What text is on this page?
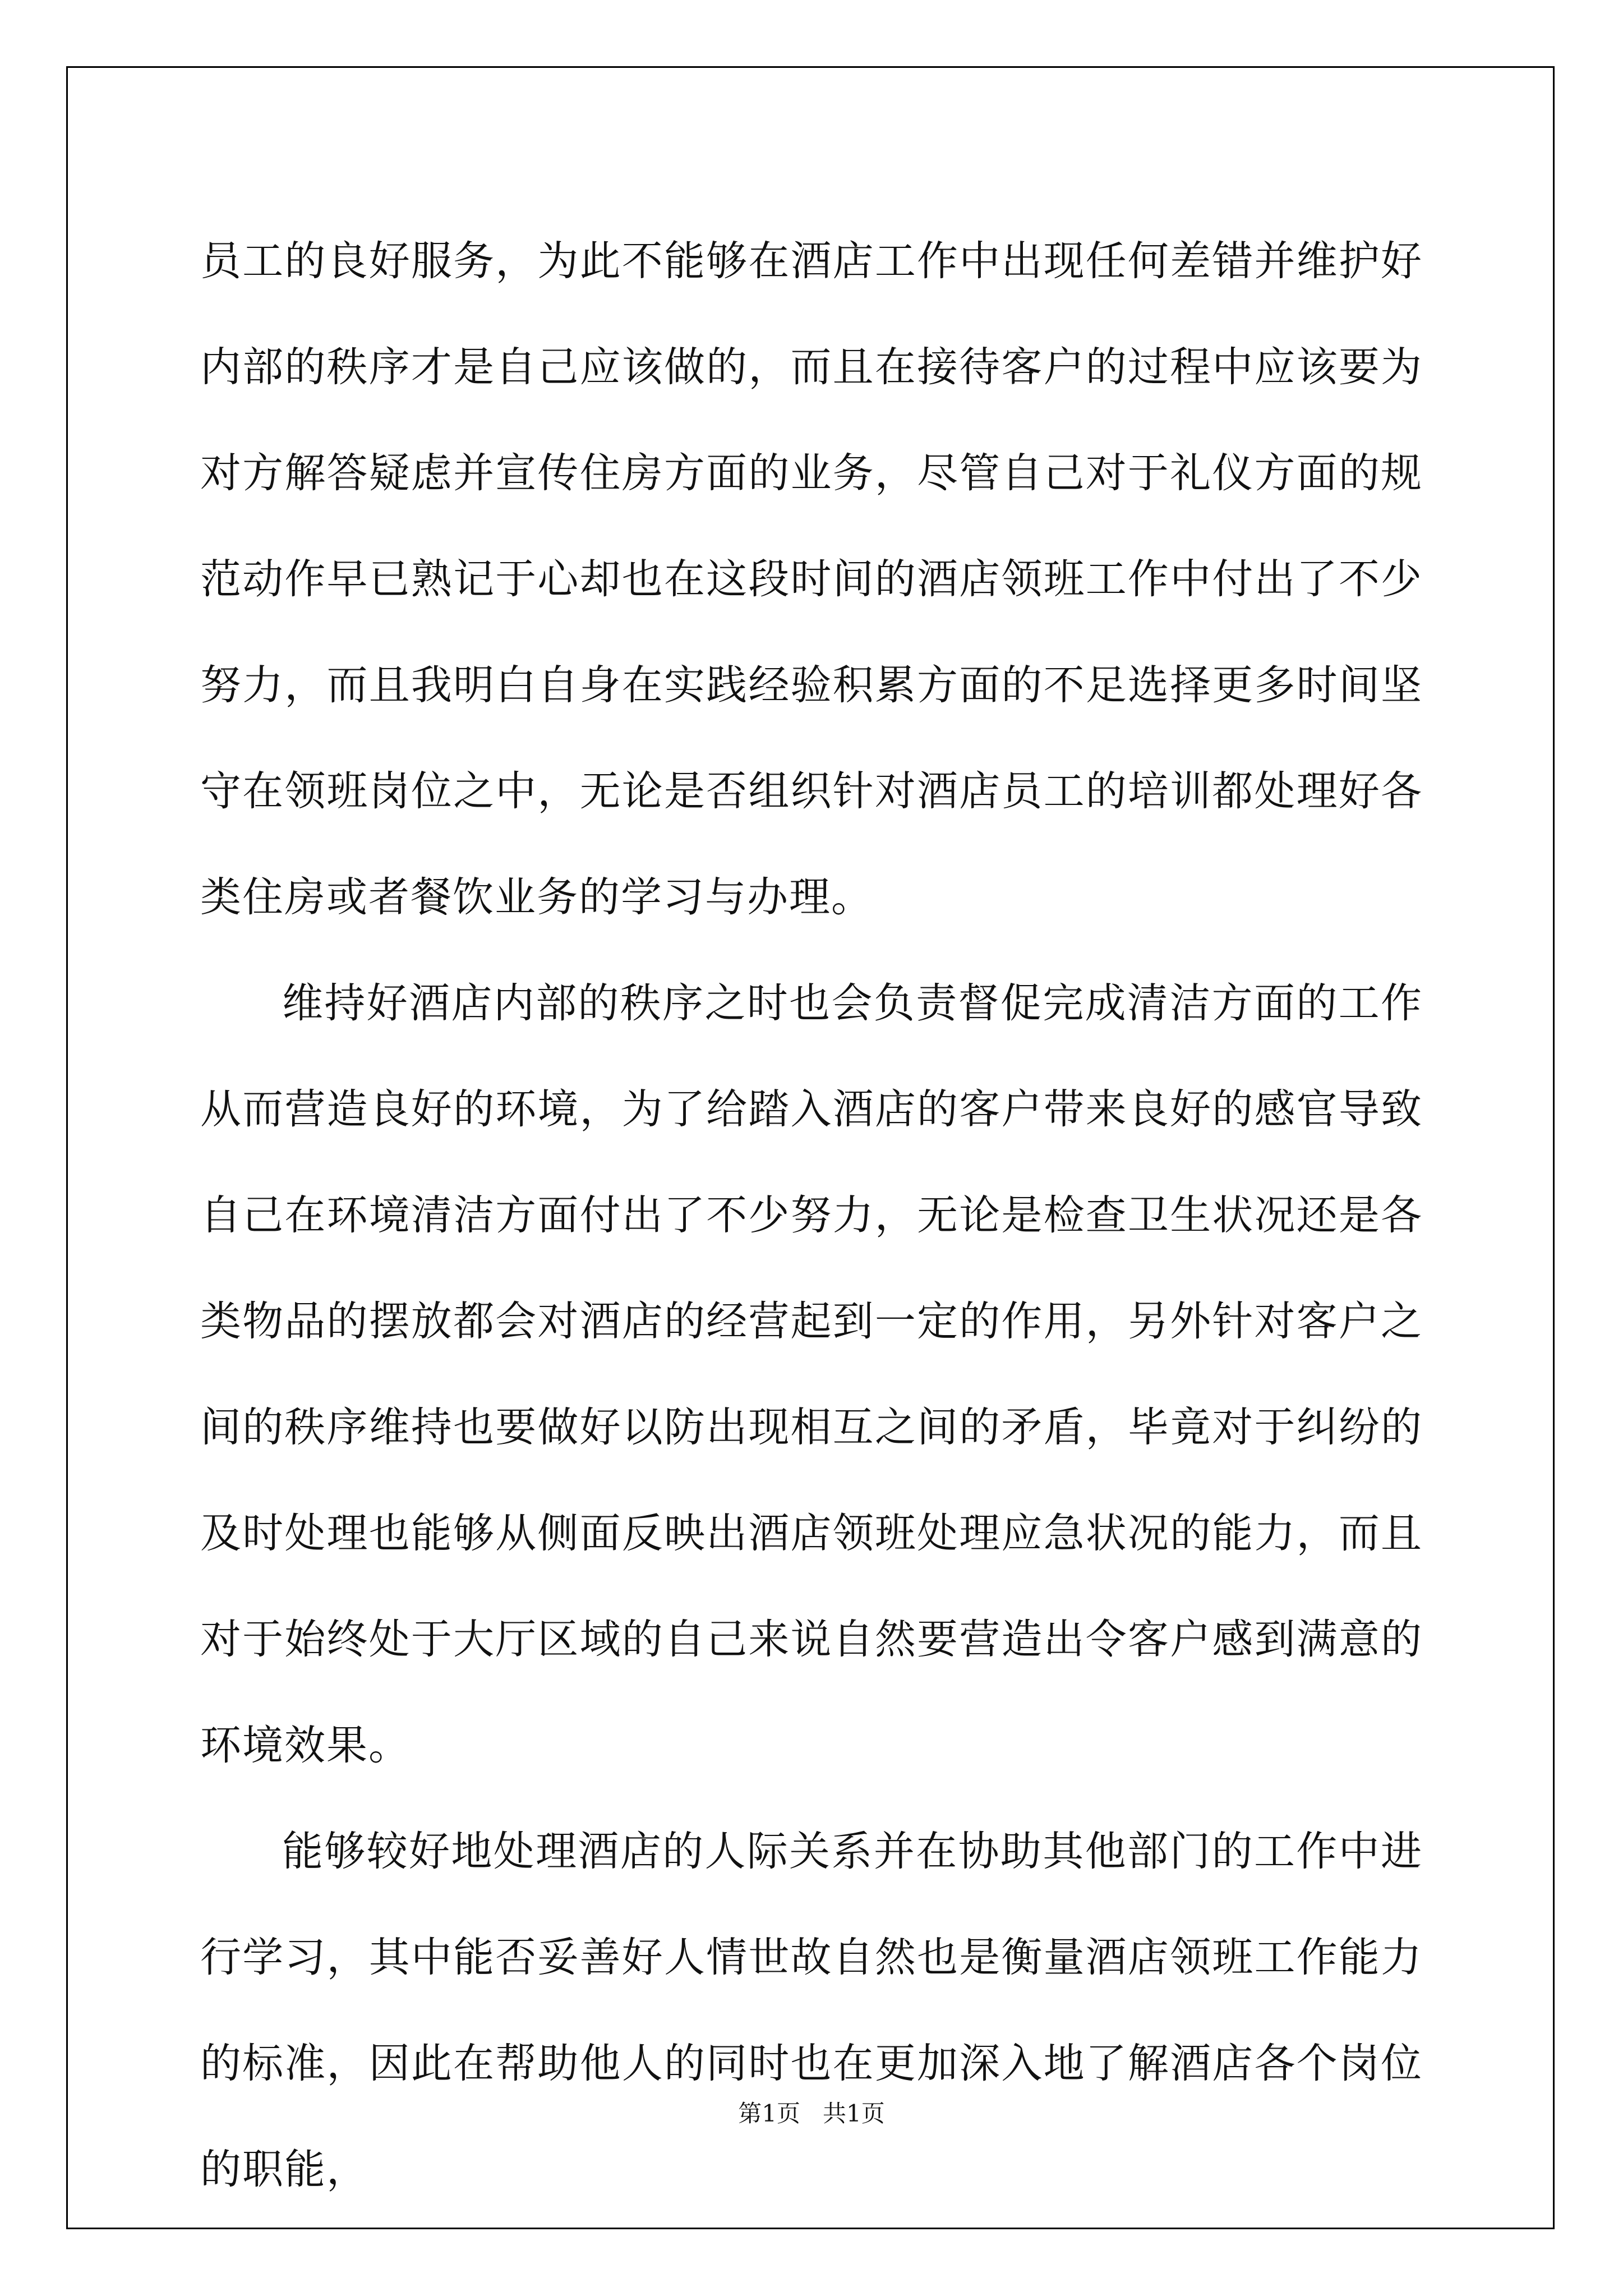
员工的良好服务，为此不能够在酒店工作中出现任何差错并维护好内部的秩序才是自己应该做的，而且在接待客户的过程中应该要为对方解答疑虑并宣传住房方面的业务，尽管自己对于礼仪方面的规范动作早已熟记于心却也在这段时间的酒店领班工作中付出了不少努力，而且我明白自身在实践经验积累方面的不足选择更多时间坚守在领班岗位之中，无论是否组织针对酒店员工的培训都处理好各类住房或者餐饮业务的学习与办理。

维持好酒店内部的秩序之时也会负责督促完成清洁方面的工作从而营造良好的环境，为了给踏入酒店的客户带来良好的感官导致自己在环境清洁方面付出了不少努力，无论是检查卫生状况还是各类物品的摆放都会对酒店的经营起到一定的作用，另外针对客户之间的秩序维持也要做好以防出现相互之间的矛盾，毕竟对于纠纷的及时处理也能够从侧面反映出酒店领班处理应急状况的能力，而且对于始终处于大厅区域的自己来说自然要营造出令客户感到满意的环境效果。

能够较好地处理酒店的人际关系并在协助其他部门的工作中进行学习，其中能否妥善好人情世故自然也是衡量酒店领班工作能力的标准，因此在帮助他人的同时也在更加深入地了解酒店各个岗位的职能，

第1页   共1页
